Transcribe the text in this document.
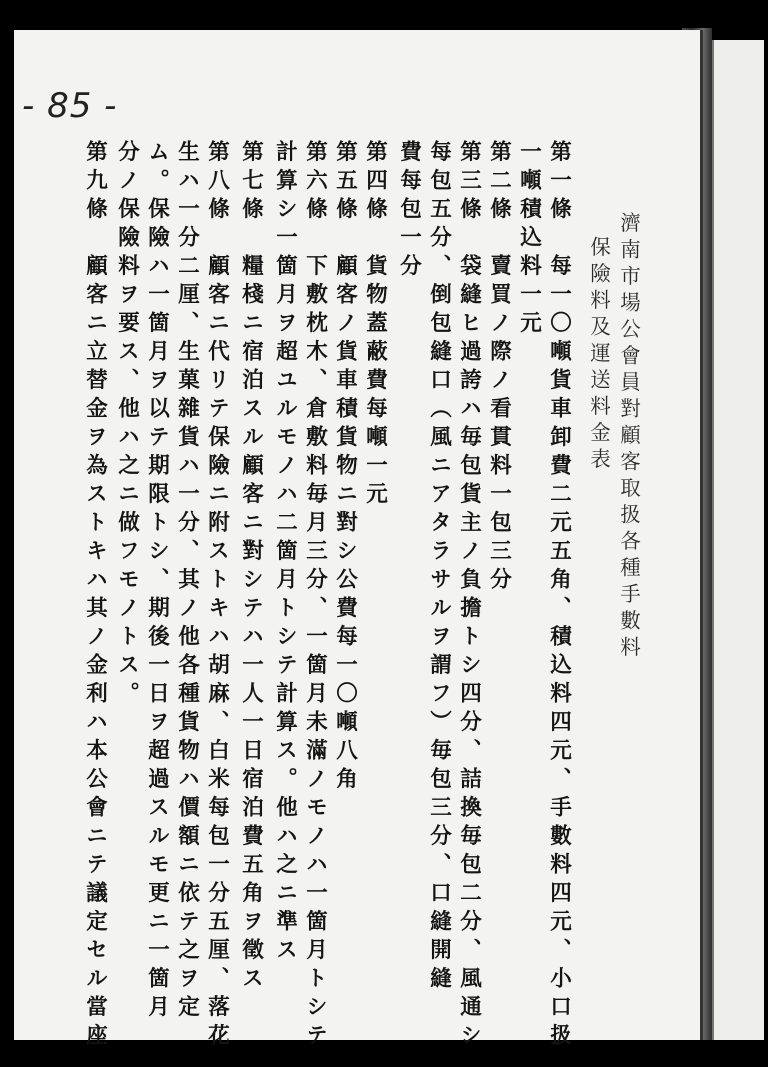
- 85 -
濟南市場公會員對顧客取扱各種手數料
保險料及運送料金表
第一條　每一〇噸貨車卸費二元五角、積込料四元、手數料四元、小口扱
一噸積込料一元
第二條　賣買ノ際ノ看貫料一包三分
第三條　袋縫ヒ過誇ハ毎包貨主ノ負擔トシ四分、詰換毎包二分、風通シ
每包五分、倒包縫口（風ニアタラサルヲ謂フ）毎包三分、口縫開縫
費每包一分
第四條　貨物蓋蔽費每噸一元
第五條　顧客ノ貨車積貨物ニ對シ公費每一〇噸八角
第六條　下敷枕木、倉敷料毎月三分、一箇月未滿ノモノハ一箇月トシテ
計算シ一箇月ヲ超ユルモノハ二箇月トシテ計算ス。他ハ之ニ準ス
第七條　糧棧ニ宿泊スル顧客ニ對シテハ一人一日宿泊費五角ヲ徵ス
第八條　顧客ニ代リテ保險ニ附ストキハ胡麻、白米每包一分五厘、落花
生ハ一分二厘、生菓雜貨ハ一分、其ノ他各種貨物ハ價額ニ依テ之ヲ定
ム。保險ハ一箇月ヲ以テ期限トシ、期後一日ヲ超過スルモ更ニ一箇月
分ノ保險料ヲ要ス、他ハ之ニ做フモノトス。
第九條　顧客ニ立替金ヲ為ストキハ其ノ金利ハ本公會ニテ議定セル當座
